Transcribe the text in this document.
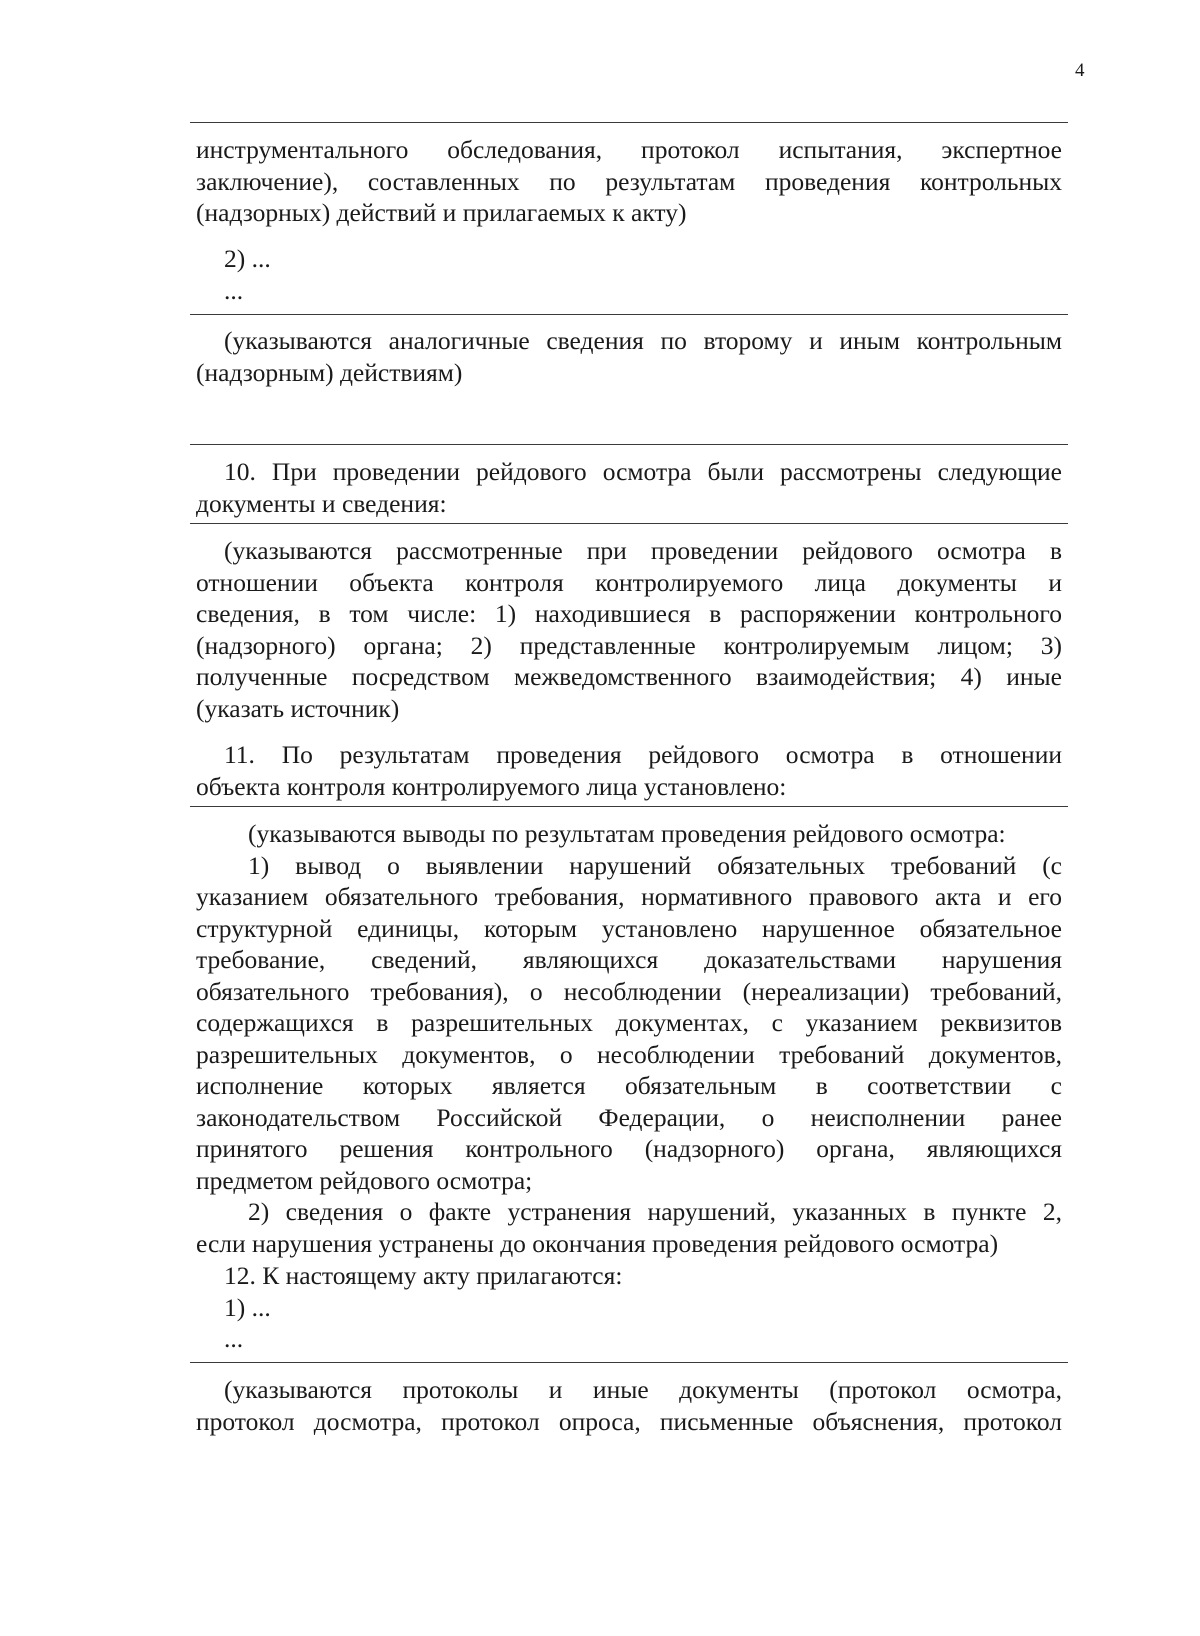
4
инструментального обследования, протокол испытания, экспертное
заключение), составленных по результатам проведения контрольных
(надзорных) действий и прилагаемых к акту)
2) ...
...
(указываются аналогичные сведения по второму и иным контрольным
(надзорным) действиям)
10. При проведении рейдового осмотра были рассмотрены следующие
документы и сведения:
(указываются рассмотренные при проведении рейдового осмотра в
отношении объекта контроля контролируемого лица документы и
сведения, в том числе: 1) находившиеся в распоряжении контрольного
(надзорного) органа; 2) представленные контролируемым лицом; 3)
полученные посредством межведомственного взаимодействия; 4) иные
(указать источник)
11. По результатам проведения рейдового осмотра в отношении
объекта контроля контролируемого лица установлено:
(указываются выводы по результатам проведения рейдового осмотра:
1) вывод о выявлении нарушений обязательных требований (с
указанием обязательного требования, нормативного правового акта и его
структурной единицы, которым установлено нарушенное обязательное
требование, сведений, являющихся доказательствами нарушения
обязательного требования), о несоблюдении (нереализации) требований,
содержащихся в разрешительных документах, с указанием реквизитов
разрешительных документов, о несоблюдении требований документов,
исполнение которых является обязательным в соответствии с
законодательством Российской Федерации, о неисполнении ранее
принятого решения контрольного (надзорного) органа, являющихся
предметом рейдового осмотра;
2) сведения о факте устранения нарушений, указанных в пункте 2,
если нарушения устранены до окончания проведения рейдового осмотра)
12. К настоящему акту прилагаются:
1) ...
...
(указываются протоколы и иные документы (протокол осмотра,
протокол досмотра, протокол опроса, письменные объяснения, протокол
